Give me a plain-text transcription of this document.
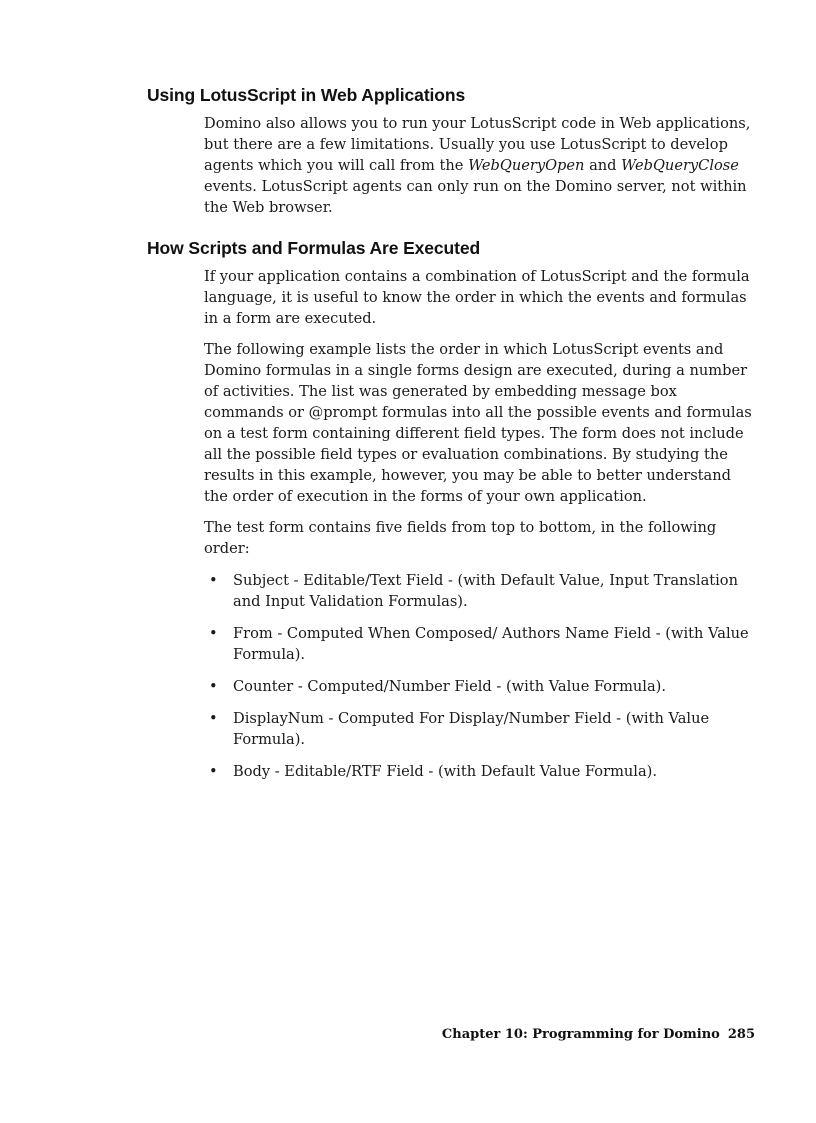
Using LotusScript in Web Applications

Domino also allows you to run your LotusScript code in Web applications, but there are a few limitations. Usually you use LotusScript to develop agents which you will call from the WebQueryOpen and WebQueryClose events. LotusScript agents can only run on the Domino server, not within the Web browser.

How Scripts and Formulas Are Executed

If your application contains a combination of LotusScript and the formula language, it is useful to know the order in which the events and formulas in a form are executed.

The following example lists the order in which LotusScript events and Domino formulas in a single forms design are executed, during a number of activities. The list was generated by embedding message box commands or @prompt formulas into all the possible events and formulas on a test form containing different field types. The form does not include all the possible field types or evaluation combinations. By studying the results in this example, however, you may be able to better understand the order of execution in the forms of your own application.

The test form contains five fields from top to bottom, in the following order:

• Subject - Editable/Text Field - (with Default Value, Input Translation and Input Validation Formulas).
• From - Computed When Composed/ Authors Name Field - (with Value Formula).
• Counter - Computed/Number Field - (with Value Formula).
• DisplayNum - Computed For Display/Number Field - (with Value Formula).
• Body - Editable/RTF Field - (with Default Value Formula).
Chapter 10: Programming for Domino 285
